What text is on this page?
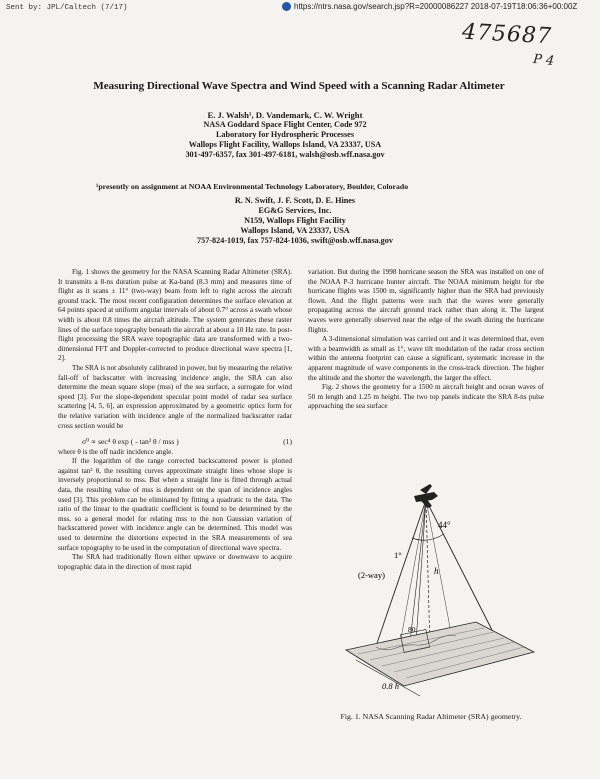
Sent by: JPL/Caltech (7/17)	https://ntrs.nasa.gov/search.jsp?R=20000086227 2018-07-19T18:06:36+00:00Z
475687
P 4
Measuring Directional Wave Spectra and Wind Speed with a Scanning Radar Altimeter
E. J. Walsh¹, D. Vandemark, C. W. Wright
NASA Goddard Space Flight Center, Code 972
Laboratory for Hydrospheric Processes
Wallops Flight Facility, Wallops Island, VA 23337, USA
301-497-6357, fax 301-497-6181, walsh@osb.wff.nasa.gov
¹presently on assignment at NOAA Environmental Technology Laboratory, Boulder, Colorado
R. N. Swift, J. F. Scott, D. E. Hines
EG&G Services, Inc.
N159, Wallops Flight Facility
Wallops Island, VA 23337, USA
757-824-1019, fax 757-824-1036, swift@osb.wff.nasa.gov

Fig. 1 shows the geometry for the NASA Scanning Radar Altimeter (SRA). It transmits a 8-ns duration pulse at Ka-band (8.3 mm) and measures time of flight as it scans ± 11° (two-way) beam from left to right across the aircraft ground track. The most recent configuration determines the surface elevation at 64 points spaced at uniform angular intervals of about 0.7° across a swath whose width is about 0.8 times the aircraft altitude. The system generates these raster lines of the surface topography beneath the aircraft at about a 10 Hz rate. In post-flight processing the SRA wave topographic data are transformed with a two-dimensional FFT and Doppler-corrected to produce directional wave spectra [1, 2].

The SRA is not absolutely calibrated in power, but by measuring the relative fall-off of backscatter with increasing incidence angle, the SRA can also determine the mean square slope (mss) of the sea surface, a surrogate for wind speed [3]. For the slope-dependent specular point model of radar sea surface scattering [4, 5, 6], an expression approximated by a geometric optics form for the relative variation with incidence angle of the normalized backscatter radar cross section would be

σ⁰ ∝ sec⁴ θ exp ( - tan² θ / mss )	(1)

where θ is the off nadir incidence angle.

If the logarithm of the range corrected backscattered power is plotted against tan² θ, the resulting curves approximate straight lines whose slope is inversely proportional to mss. But when a straight line is fitted through actual data, the resulting value of mss is dependent on the span of incidence angles used [3]. This problem can be eliminated by fitting a quadratic to the data. The ratio of the linear to the quadratic coefficient is found to be determined by the mss, so a general model for relating mss to the non Gaussian variation of backscattered power with incidence angle can be determined. This model was used to determine the distortions expected in the SRA measurements of sea surface topography to be used in the computation of directional wave spectra.

The SRA had traditionally flown either upwave or downwave to acquire topographic data in the direction of most rapid

variation. But during the 1998 hurricane season the SRA was installed on one of the NOAA P-3 hurricane hunter aircraft. The NOAA minimum height for the hurricane flights was 1500 m, significantly higher than the SRA had previously flown. And the flight patterns were such that the waves were generally propagating across the aircraft ground track rather than along it. The largest waves were generally observed near the edge of the swath during the hurricane flights.

A 3-dimensional simulation was carried out and it was determined that, even with a beamwidth as small as 1°, wave tilt modulation of the radar cross section within the antenna footprint can cause a significant, systematic increase in the apparent magnitude of wave components in the cross-track direction. The higher the altitude and the shorter the wavelength, the larger the effect.

Fig. 2 shows the geometry for a 1500 m aircraft height and ocean waves of 50 m length and 1.25 m height. The two top panels indicate the SRA 8-ns pulse approaching the sea surface

44°
h
(2-way)
1°
80
0.8 h
Fig. 1. NASA Scanning Radar Altimeter (SRA) geometry.
